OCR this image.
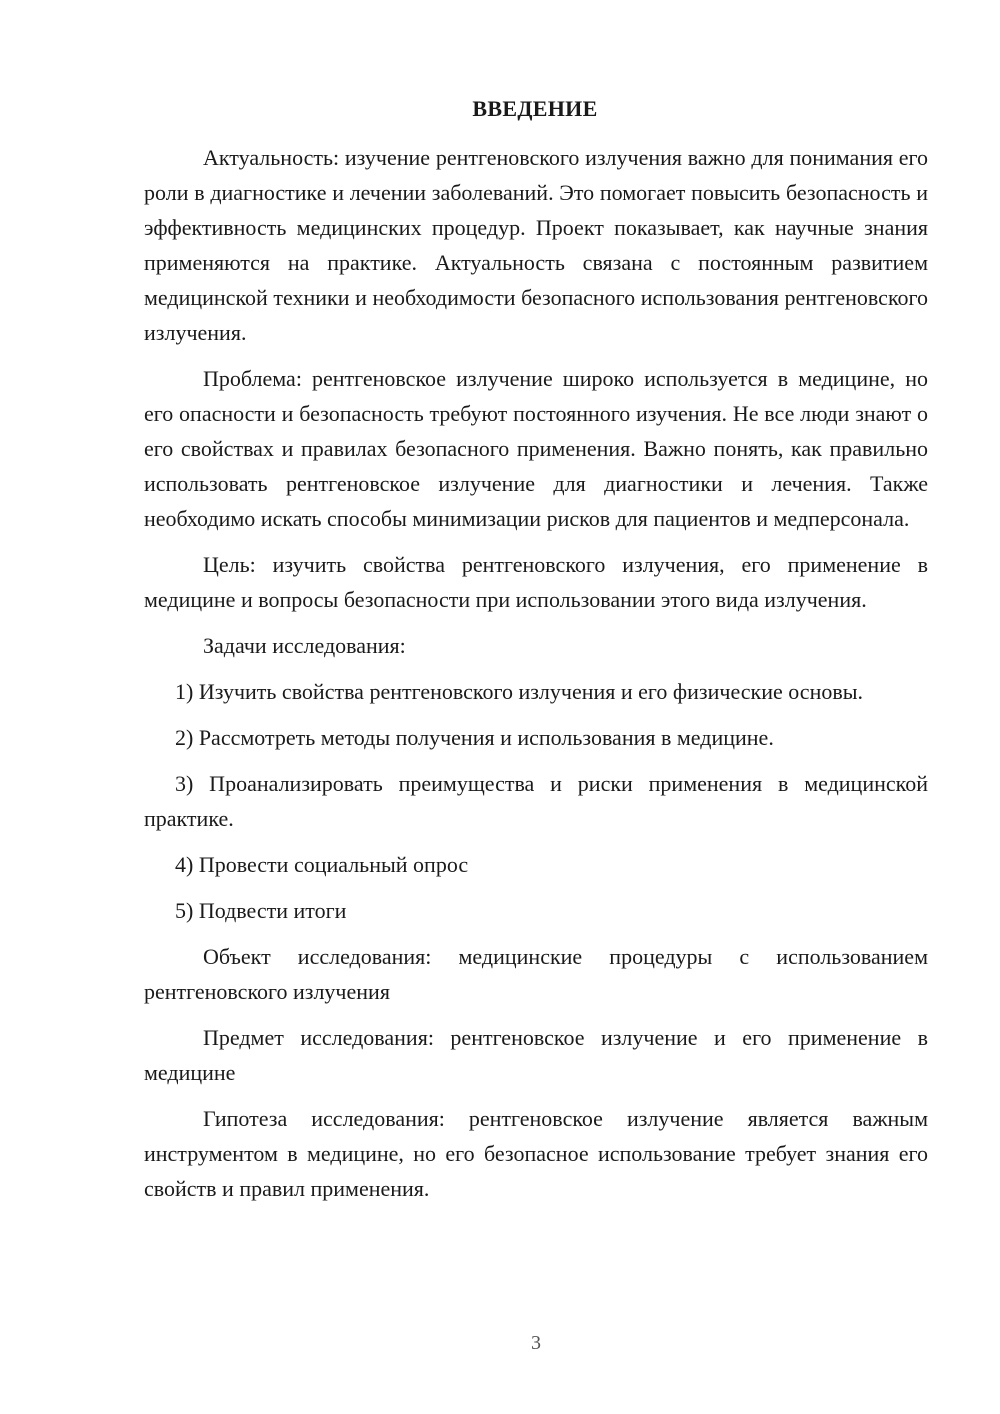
ВВЕДЕНИЕ

Актуальность: изучение рентгеновского излучения важно для понимания его роли в диагностике и лечении заболеваний. Это помогает повысить безопасность и эффективность медицинских процедур. Проект показывает, как научные знания применяются на практике. Актуальность связана с постоянным развитием медицинской техники и необходимости безопасного использования рентгеновского излучения.

Проблема: рентгеновское излучение широко используется в медицине, но его опасности и безопасность требуют постоянного изучения. Не все люди знают о его свойствах и правилах безопасного применения. Важно понять, как правильно использовать рентгеновское излучение для диагностики и лечения. Также необходимо искать способы минимизации рисков для пациентов и медперсонала.

Цель: изучить свойства рентгеновского излучения, его применение в медицине и вопросы безопасности при использовании этого вида излучения.

Задачи исследования:

1) Изучить свойства рентгеновского излучения и его физические основы.

2) Рассмотреть методы получения и использования в медицине.

3) Проанализировать преимущества и риски применения в медицинской практике.

4) Провести социальный опрос

5) Подвести итоги

Объект исследования: медицинские процедуры с использованием рентгеновского излучения

Предмет исследования: рентгеновское излучение и его применение в медицине

Гипотеза исследования: рентгеновское излучение является важным инструментом в медицине, но его безопасное использование требует знания его свойств и правил применения.

3
